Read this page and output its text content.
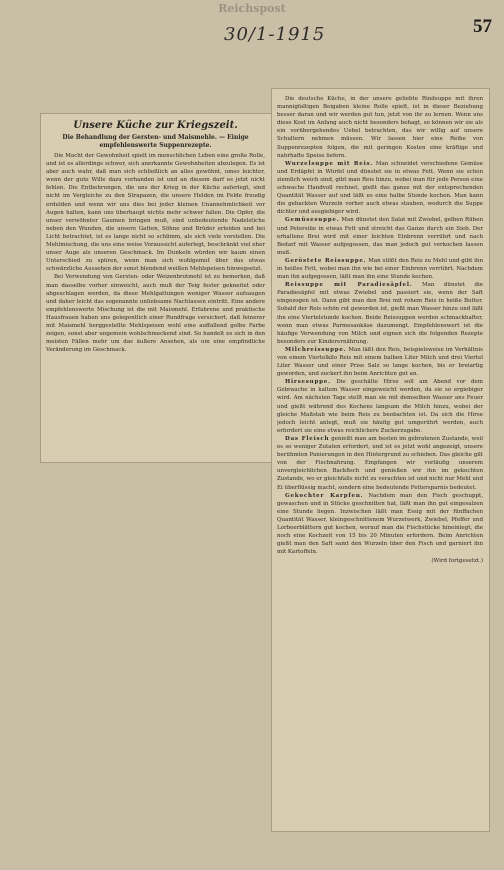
Reichspost
30/1-1915	57
Unsere Küche zur Kriegszeit.
Die Behandlung der Gersten- und Maismehle. — Einige empfehlenswerte Suppenrezepte.

Die Macht der Gewohnheit spielt im menschlichen Leben eine große Rolle, und ist es allerdings schwer, sich anerkannte Gewohnheiten abzulegen. Es ist aber auch wahr, daß man sich schließlich an alles gewöhnt, umso leichter, wenn der gute Wille dazu vorhanden ist und an diesem darf es jetzt nicht fehlen. Die Entbehrungen, die uns der Krieg in der Küche auferlegt, sind nicht im Vergleiche zu den Strapazen, die unsere Helden im Felde freudig erdulden und wenn wir uns dies bei jeder kleinen Unannehmlichkeit vor Augen halten, kann uns überhaupt nichts mehr schwer fallen. Die Opfer, die unser verwöhnter Gaumen bringen muß, sind unbedeutende Nadelstiche neben den Wunden, die unsere Gatten, Söhne und Brüder erleiden und bei Licht betrachtet, ist es lange nicht so schlimm, als sich viele vorstellen. Die Mehlmischung, die uns eine weise Voraussicht auferlegt, beschränkt viel eher unser Auge als unseren Geschmack. Im Dunkeln würden wir kaum einen Unterschied zu spüren, wenn man sich wohlgemut über das etwas schwärzliche Aussehen der sonst blendend weißen Mehlspeisen hinwegsetzt.

Bei Verwendung von Gersten- oder Weizenbrotmehl ist zu bemerken, daß man dasselbe vorher einweicht, auch muß der Teig fester gekneitet oder abgeschlagen werden, da diese Mehlgattungen weniger Wasser aufsaugen und daher leicht das sogenannte unliebsame Nachlassen eintritt. Eine andere empfehlenswerte Mischung ist die mit Maismehl. Erfahrene und praktische Hausfrauen haben uns gelegentlich einer Rundfrage versichert, daß feinerer mit Maismehl herggestellte Mehlspeisen wohl eine auffallend gelbe Farbe zeigen, sonst aber ungemein wohlschmeckend sind. So handelt es sich in den meisten Fällen mehr um das äußere Ansehen, als um eine empfindliche Veränderung im Geschmack.

Die deutsche Küche, in der unsere geliebte Rindsuppe mit ihren mannigfaltigen Beigaben kleine Rolle spielt, ist in dieser Beziehung besser daran und wir werden gut tun, jetzt von ihr zu lernen. Wenn uns diese Kost im Anfang auch nicht besonders behagt, so können wir sie als ein vorübergehendes Uebel betrachten, das wir willig auf unsere Schultern nehmen müssen. Wir lassen hier eine Reihe von Suppenrezepten folgen, die mit geringen Kosten eine kräftige und nahrhafte Speise liefern.

Wurzelsuppe mit Reis. Man schneidet verschiedene Gemüse und Erdäpfel in Würfel und dünstet sie in etwas Fett. Wenn sie schon ziemlich weich sind, gibt man Reis hinzu, wobei man für jede Person eine schwache Handvoll rechnet, gießt das ganze mit der entsprechenden Quantität Wasser auf und läßt es eine halbe Stunde kochen. Man kann die gehackten Wurzeln vorher auch etwas stauben, wodurch die Suppe dichter und ausgiebiger wird.

Gemüsesuppe. Man dünstet den Salat mit Zwiebel, gelben Rüben und Petersilie in etwas Fett und streicht das Ganze durch ein Sieb. Der erhaltene Brei wird mit einer leichten Einbrenn verrührt und nach Bedarf mit Wasser aufgegossen, das man jedoch gut verkochen lassen muß.

Geröstete Reissuppe. Man stößt den Reis zu Mehl und gibt ihn in heißes Fett, wobei man ihn wie bei einer Einbrenn verrührt. Nachdem man ihn aufgegossen, läßt man ihn eine Stunde kochen.

Reissuppe mit Paradiesäpfel. Man dünstet die Paradiesäpfel mit etwas Zwiebel und passiert sie, wenn der Saft eingezogen ist. Dann gibt man den Brei mit rohem Reis in heiße Butter. Sobald der Reis schön rot geworden ist, gießt man Wasser hinzu und läßt ihn eine Viertelstunde kochen. Beide Reissuppen werden schmackhafter, wenn man etwas Parmesankäse dazumengt. Empfehlenswert ist die häufige Verwendung von Milch und eignen sich die folgenden Rezepte besonders zur Kinderernährung.

Milchreissuppe. Man läßt den Reis, beispielsweise im Verhältnis von einem Viertelkilo Reis mit einem halben Liter Milch und drei Viertel Liter Wasser und einer Prise Salz so lange kochen, bis er breiartig geworden, und zuckert ihn beim Anrichten gut an.

Hirsesuppe. Die geschälte Hirse soll am Abend vor dem Gebrauche in kaltem Wasser eingeweicht werden, da sie so ergiebiger wird. Am nächsten Tage stellt man sie mit demselben Wasser ans Feuer und gießt während des Kochens langsam die Milch hinzu, wobei der gleiche Maßstab wie beim Reis zu beobachten ist. Da sich die Hirse jedoch leicht anlegt, muß sie häufig gut umgerührt werden, auch erfordert sie eine etwas reichlichere Zuckerzugabe.

Das Fleisch genießt man am besten im gebratenen Zustande, weil es so weniger Zutaten erfordert, und ist es jetzt wohl angezeigt, unsere berühmten Panierungen in den Hintergrund zu schieben. Das gleiche gilt von der Fischnahrung. Empfangen wir vorläufig unserem unvergleichlichen Backfisch und genießen wir ihn im gekochten Zustande, wo er gleichfalls nicht zu verachten ist und nicht nur Mehl und Ei überflüssig macht, sondern eine bedeutende Fettersparnis bedeutet.

Gekochter Karpfen. Nachdem man den Fisch geschuppt, gewaschen und in Stücke geschnitten hat, läßt man ihn gut eingesalzen eine Stunde liegen. Inzwischen läßt man Essig mit der fünffachen Quantität Wasser, kleingeschnittenem Wurzelwerk, Zwiebel, Pfeffer und Lorbeerblättern gut kochen, worauf man die Fischstücke hineinlegt, die noch eine Kochzeit von 15 bis 20 Minuten erfordern. Beim Anrichten gießt man den Saft samt den Wurzeln über den Fisch und garniert ihn mit Kartoffeln.

(Wird fortgesetzt.)
